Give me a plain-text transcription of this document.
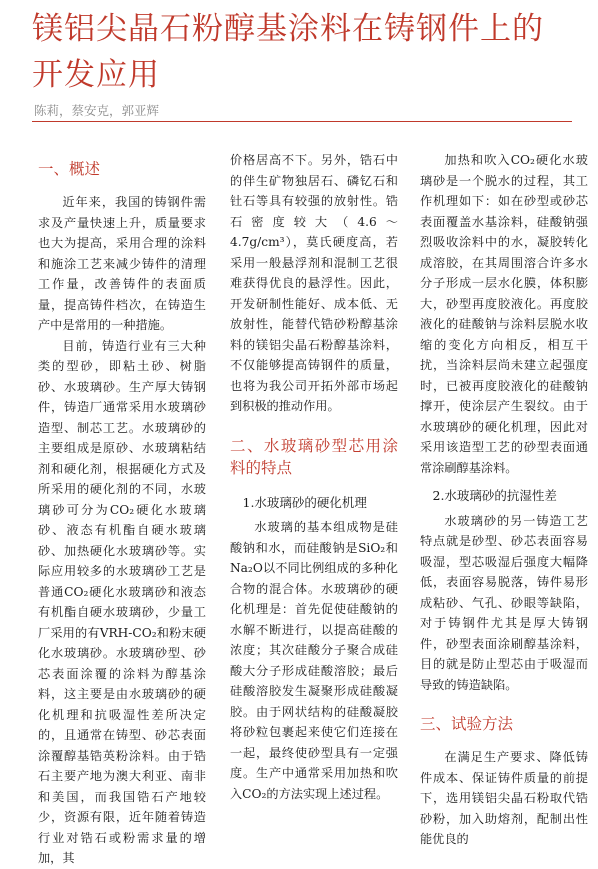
镁铝尖晶石粉醇基涂料在铸钢件上的
开发应用
陈莉，蔡安克，郭亚辉
一、概述

近年来，我国的铸钢件需求及产量快速上升，质量要求也大为提高，采用合理的涂料和施涂工艺来减少铸件的清理工作量，改善铸件的表面质量，提高铸件档次，在铸造生产中是常用的一种措施。

目前，铸造行业有三大种类的型砂，即粘土砂、树脂砂、水玻璃砂。生产厚大铸钢件，铸造厂通常采用水玻璃砂造型、制芯工艺。水玻璃砂的主要组成是原砂、水玻璃粘结剂和硬化剂，根据硬化方式及所采用的硬化剂的不同，水玻璃砂可分为CO₂硬化水玻璃砂、液态有机酯自硬水玻璃砂、加热硬化水玻璃砂等。实际应用较多的水玻璃砂工艺是普通CO₂硬化水玻璃砂和液态有机酯自硬水玻璃砂，少量工厂采用的有VRH-CO₂和粉末硬化水玻璃砂。水玻璃砂型、砂芯表面涂覆的涂料为醇基涂料，这主要是由水玻璃砂的硬化机理和抗吸湿性差所决定的，且通常在铸型、砂芯表面涂覆醇基锆英粉涂料。由于锆石主要产地为澳大利亚、南非和美国，而我国锆石产地较少，资源有限，近年随着铸造行业对锆石或粉需求量的增加，其

价格居高不下。另外，锆石中的伴生矿物独居石、磷钇石和钍石等具有较强的放射性。锆石密度较大（4.6～4.7g/cm³），莫氏硬度高，若采用一般悬浮剂和混制工艺很难获得优良的悬浮性。因此，开发研制性能好、成本低、无放射性，能替代锆砂粉醇基涂料的镁铝尖晶石粉醇基涂料，不仅能够提高铸钢件的质量，也将为我公司开拓外部市场起到积极的推动作用。

二、水玻璃砂型芯用涂料的特点
1.水玻璃砂的硬化机理

水玻璃的基本组成物是硅酸钠和水，而硅酸钠是SiO₂和Na₂O以不同比例组成的多种化合物的混合体。水玻璃砂的硬化机理是：首先促使硅酸钠的水解不断进行，以提高硅酸的浓度；其次硅酸分子聚合成硅酸大分子形成硅酸溶胶；最后硅酸溶胶发生凝聚形成硅酸凝胶。由于网状结构的硅酸凝胶将砂粒包裹起来使它们连接在一起，最终使砂型具有一定强度。生产中通常采用加热和吹入CO₂的方法实现上述过程。

加热和吹入CO₂硬化水玻璃砂是一个脱水的过程，其工作机理如下：如在砂型或砂芯表面覆盖水基涂料，硅酸钠强烈吸收涂料中的水，凝胶转化成溶胶，在其周围溶合许多水分子形成一层水化膜，体积膨大，砂型再度胶液化。再度胶液化的硅酸钠与涂料层脱水收缩的变化方向相反，相互干扰，当涂料层尚未建立起强度时，已被再度胶液化的硅酸钠撑开，使涂层产生裂纹。由于水玻璃砂的硬化机理，因此对采用该造型工艺的砂型表面通常涂刷醇基涂料。

2.水玻璃砂的抗湿性差

水玻璃砂的另一铸造工艺特点就是砂型、砂芯表面容易吸湿，型芯吸湿后强度大幅降低，表面容易脱落，铸件易形成粘砂、气孔、砂眼等缺陷，对于铸钢件尤其是厚大铸钢件，砂型表面涂刷醇基涂料，目的就是防止型芯由于吸湿而导致的铸造缺陷。

三、试验方法

在满足生产要求、降低铸件成本、保证铸件质量的前提下，选用镁铝尖晶石粉取代锆砂粉，加入助熔剂，配制出性能优良的
